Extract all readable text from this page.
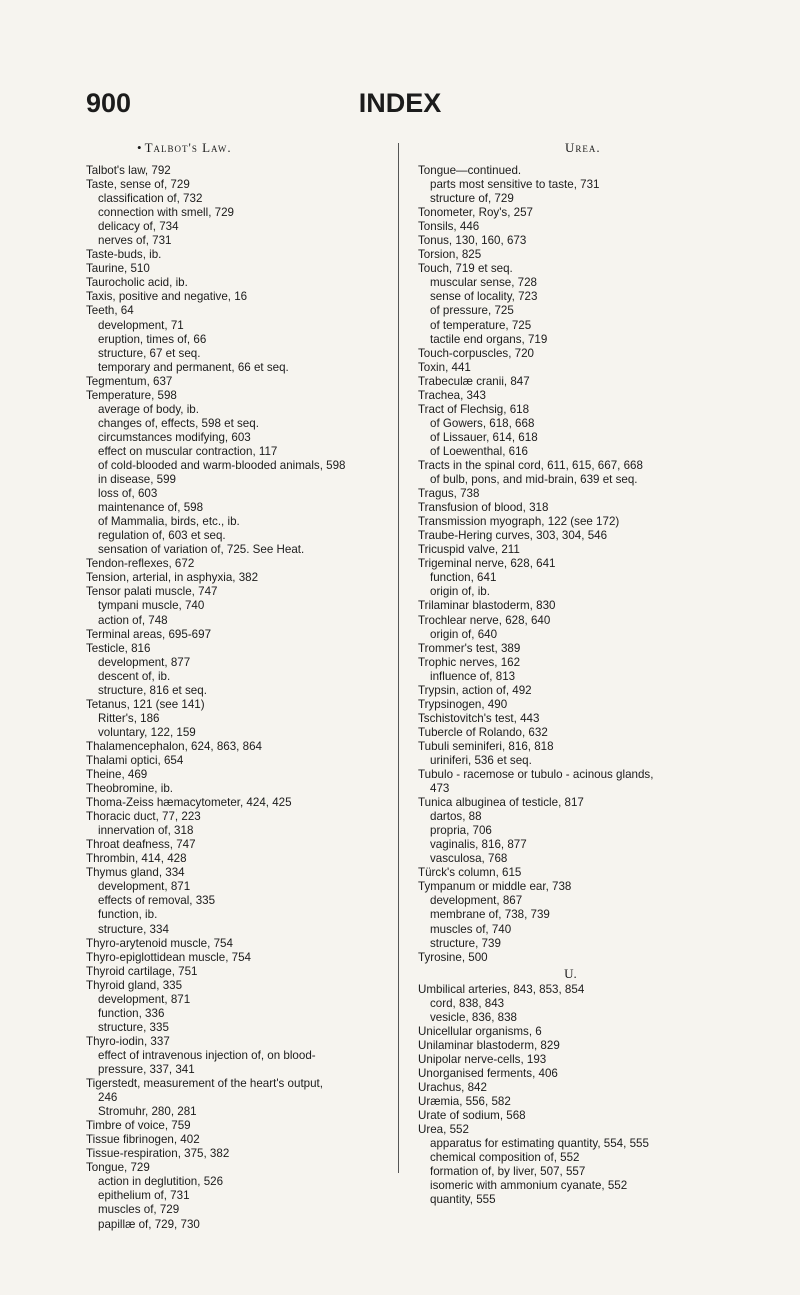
900	INDEX
• Talbot's Law.	Urea.
Talbot's law, 792
Taste, sense of, 729
classification of, 732
connection with smell, 729
delicacy of, 734
nerves of, 731
Taste-buds, ib.
Taurine, 510
Taurocholic acid, ib.
Taxis, positive and negative, 16
Teeth, 64
development, 71
eruption, times of, 66
structure, 67 et seq.
temporary and permanent, 66 et seq.
Tegmentum, 637
Temperature, 598
average of body, ib.
changes of, effects, 598 et seq.
circumstances modifying, 603
effect on muscular contraction, 117
of cold-blooded and warm-blooded animals, 598
in disease, 599
loss of, 603
maintenance of, 598
of Mammalia, birds, etc., ib.
regulation of, 603 et seq.
sensation of variation of, 725. See Heat.
Tendon-reflexes, 672
Tension, arterial, in asphyxia, 382
Tensor palati muscle, 747
tympani muscle, 740
action of, 748
Terminal areas, 695-697
Testicle, 816
development, 877
descent of, ib.
structure, 816 et seq.
Tetanus, 121 (see 141)
Ritter's, 186
voluntary, 122, 159
Thalamencephalon, 624, 863, 864
Thalami optici, 654
Theine, 469
Theobromine, ib.
Thoma-Zeiss hæmacytometer, 424, 425
Thoracic duct, 77, 223
innervation of, 318
Throat deafness, 747
Thrombin, 414, 428
Thymus gland, 334
development, 871
effects of removal, 335
function, ib.
structure, 334
Thyro-arytenoid muscle, 754
Thyro-epiglottidean muscle, 754
Thyroid cartilage, 751
Thyroid gland, 335
development, 871
function, 336
structure, 335
Thyro-iodin, 337
effect of intravenous injection of, on blood-
pressure, 337, 341
Tigerstedt, measurement of the heart's output,
246
Stromuhr, 280, 281
Timbre of voice, 759
Tissue fibrinogen, 402
Tissue-respiration, 375, 382
Tongue, 729
action in deglutition, 526
epithelium of, 731
muscles of, 729
papillæ of, 729, 730
Tongue—continued.
parts most sensitive to taste, 731
structure of, 729
Tonometer, Roy's, 257
Tonsils, 446
Tonus, 130, 160, 673
Torsion, 825
Touch, 719 et seq.
muscular sense, 728
sense of locality, 723
of pressure, 725
of temperature, 725
tactile end organs, 719
Touch-corpuscles, 720
Toxin, 441
Trabeculæ cranii, 847
Trachea, 343
Tract of Flechsig, 618
of Gowers, 618, 668
of Lissauer, 614, 618
of Loewenthal, 616
Tracts in the spinal cord, 611, 615, 667, 668
of bulb, pons, and mid-brain, 639 et seq.
Tragus, 738
Transfusion of blood, 318
Transmission myograph, 122 (see 172)
Traube-Hering curves, 303, 304, 546
Tricuspid valve, 211
Trigeminal nerve, 628, 641
function, 641
origin of, ib.
Trilaminar blastoderm, 830
Trochlear nerve, 628, 640
origin of, 640
Trommer's test, 389
Trophic nerves, 162
influence of, 813
Trypsin, action of, 492
Trypsinogen, 490
Tschistovitch's test, 443
Tubercle of Rolando, 632
Tubuli seminiferi, 816, 818
uriniferi, 536 et seq.
Tubulo - racemose or tubulo - acinous glands,
473
Tunica albuginea of testicle, 817
dartos, 88
propria, 706
vaginalis, 816, 877
vasculosa, 768
Türck's column, 615
Tympanum or middle ear, 738
development, 867
membrane of, 738, 739
muscles of, 740
structure, 739
Tyrosine, 500
U.
Umbilical arteries, 843, 853, 854
cord, 838, 843
vesicle, 836, 838
Unicellular organisms, 6
Unilaminar blastoderm, 829
Unipolar nerve-cells, 193
Unorganised ferments, 406
Urachus, 842
Uræmia, 556, 582
Urate of sodium, 568
Urea, 552
apparatus for estimating quantity, 554, 555
chemical composition of, 552
formation of, by liver, 507, 557
isomeric with ammonium cyanate, 552
quantity, 555
